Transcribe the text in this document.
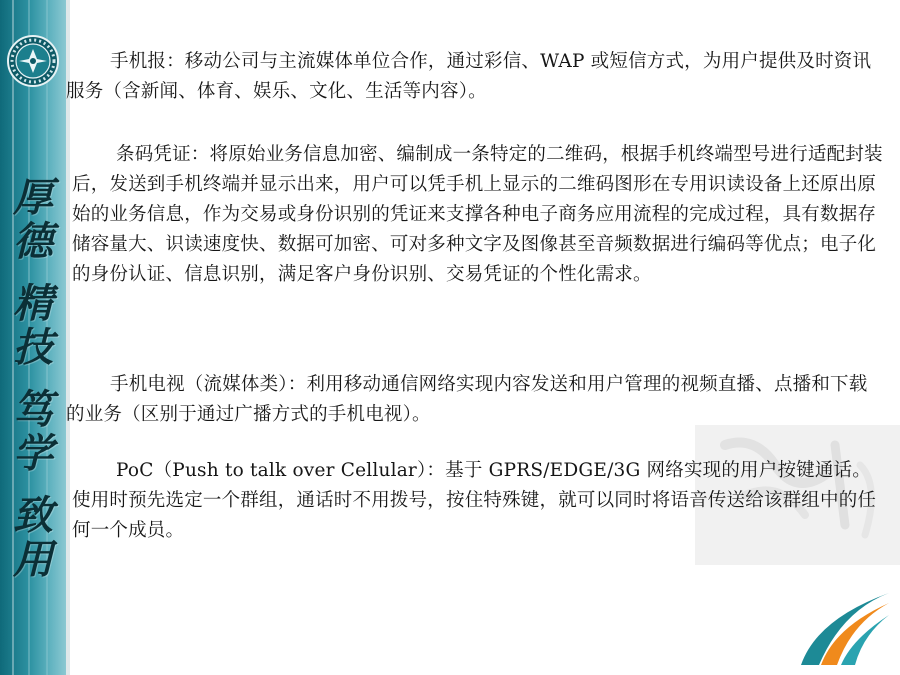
厚
德
精
技
笃
学
致
用

手机报：移动公司与主流媒体单位合作，通过彩信、WAP 或短信方式，为用户提供及时资讯服务（含新闻、体育、娱乐、文化、生活等内容）。

条码凭证：将原始业务信息加密、编制成一条特定的二维码，根据手机终端型号进行适配封装后，发送到手机终端并显示出来，用户可以凭手机上显示的二维码图形在专用识读设备上还原出原始的业务信息，作为交易或身份识别的凭证来支撑各种电子商务应用流程的完成过程，具有数据存储容量大、识读速度快、数据可加密、可对多种文字及图像甚至音频数据进行编码等优点；电子化的身份认证、信息识别，满足客户身份识别、交易凭证的个性化需求。

手机电视（流媒体类）：利用移动通信网络实现内容发送和用户管理的视频直播、点播和下载的业务（区别于通过广播方式的手机电视）。

PoC（Push to talk over Cellular）：基于 GPRS/EDGE/3G 网络实现的用户按键通话。使用时预先选定一个群组，通话时不用拨号，按住特殊键，就可以同时将语音传送给该群组中的任何一个成员。
